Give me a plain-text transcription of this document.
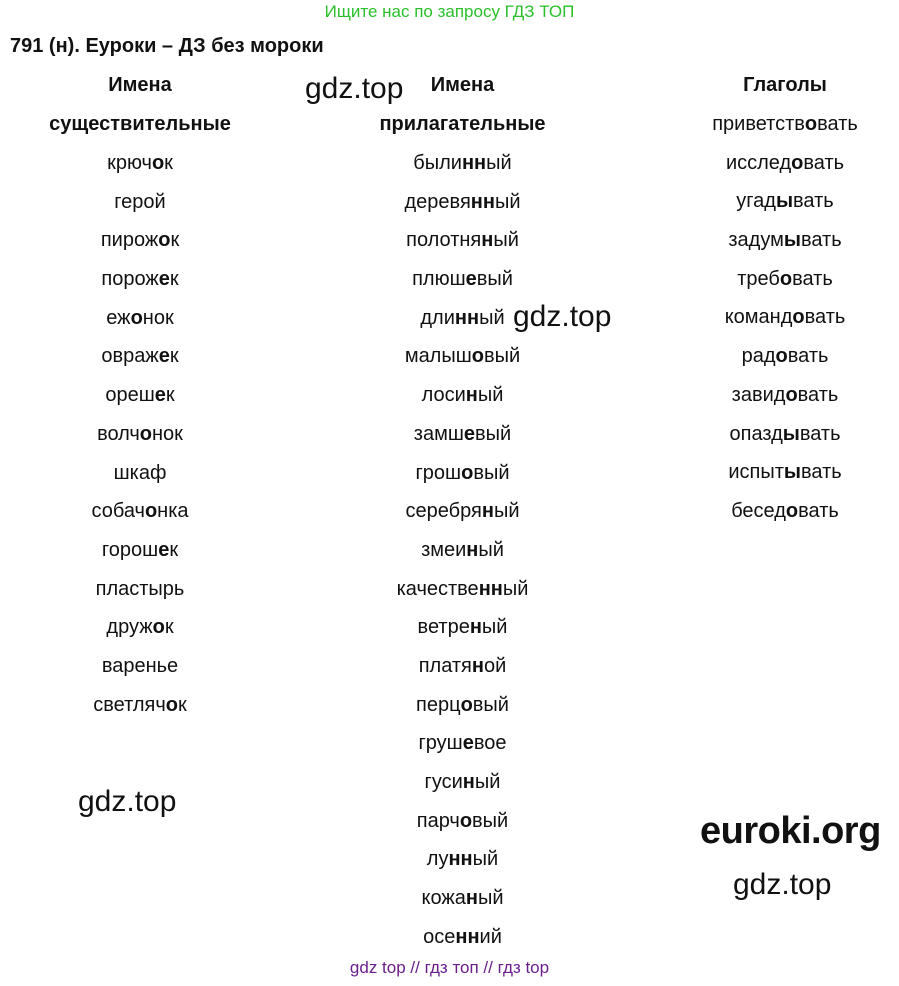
Ищите нас по запросу ГДЗ ТОП
791 (н). Еуроки – ДЗ без мороки
Имена
существительные
крючок
герой
пирожок
порожек
ежонок
овражек
орешек
волчонок
шкаф
собачонка
горошек
пластырь
дружок
варенье
светлячок
Имена
прилагательные
былинный
деревянный
полотняный
плюшевый
длинный
малышовый
лосиный
замшевый
грошовый
серебряный
змеиный
качественный
ветреный
платяной
перцовый
грушевое
гусиный
парчовый
лунный
кожаный
осенний
Глаголы
приветствовать
исследовать
угадывать
задумывать
требовать
командовать
радовать
завидовать
опаздывать
испытывать
беседовать
gdz.top
gdz.top
gdz.top
gdz.top
euroki.org
gdz top // гдз топ // гдз top
